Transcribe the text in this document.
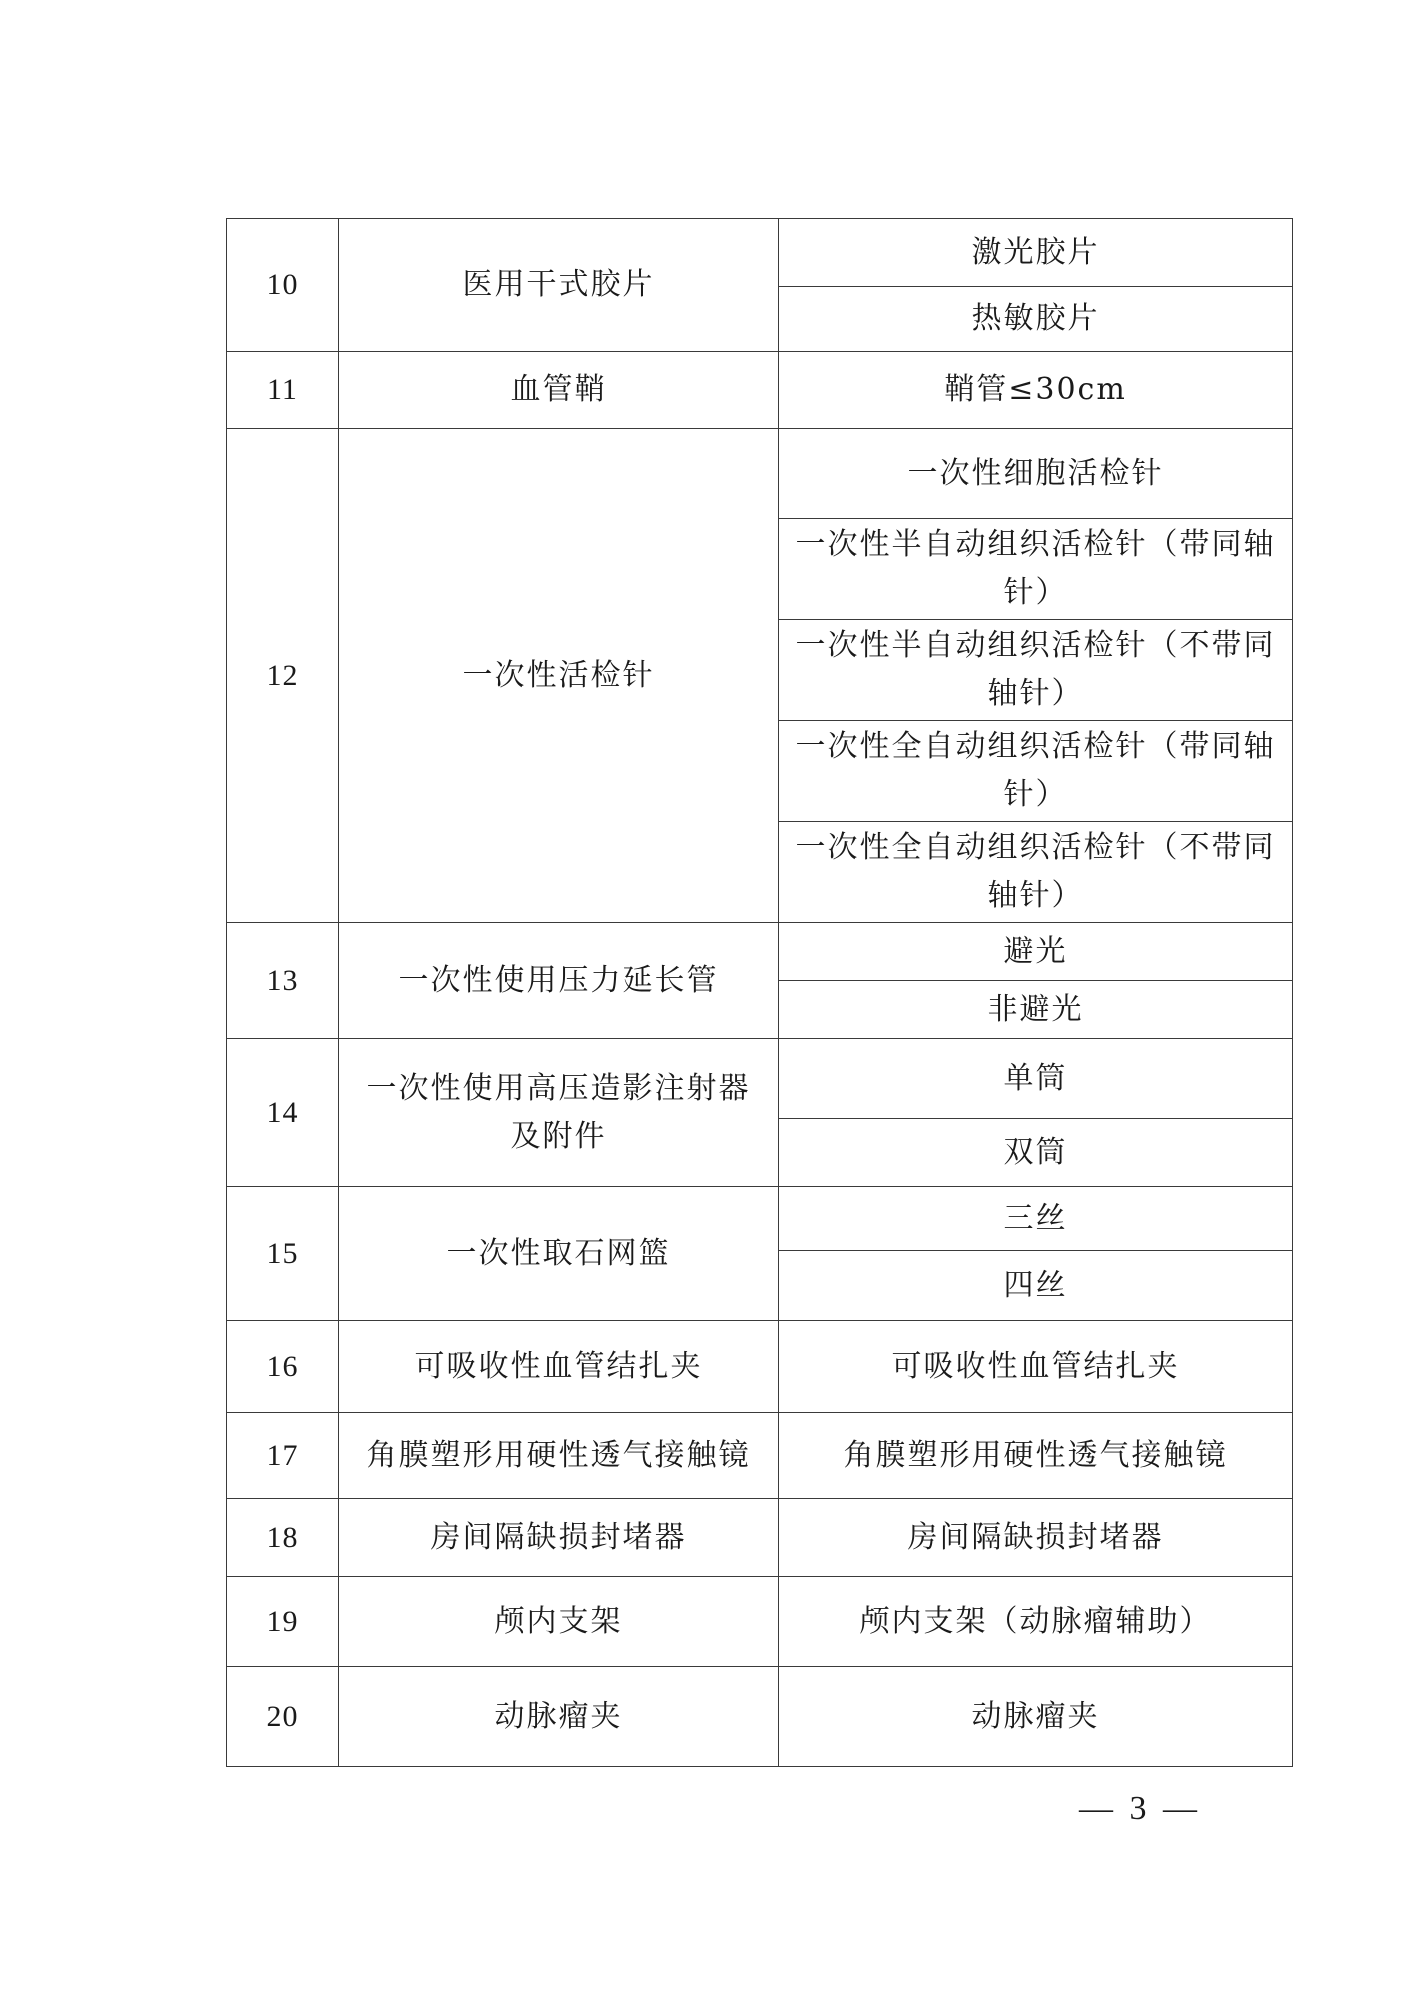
10	医用干式胶片	激光胶片
		热敏胶片
11	血管鞘	鞘管≤30cm
12	一次性活检针	一次性细胞活检针
		一次性半自动组织活检针（带同轴针）
		一次性半自动组织活检针（不带同轴针）
		一次性全自动组织活检针（带同轴针）
		一次性全自动组织活检针（不带同轴针）
13	一次性使用压力延长管	避光
		非避光
14	一次性使用高压造影注射器及附件	单筒
		双筒
15	一次性取石网篮	三丝
		四丝
16	可吸收性血管结扎夹	可吸收性血管结扎夹
17	角膜塑形用硬性透气接触镜	角膜塑形用硬性透气接触镜
18	房间隔缺损封堵器	房间隔缺损封堵器
19	颅内支架	颅内支架（动脉瘤辅助）
20	动脉瘤夹	动脉瘤夹
— 3 —
